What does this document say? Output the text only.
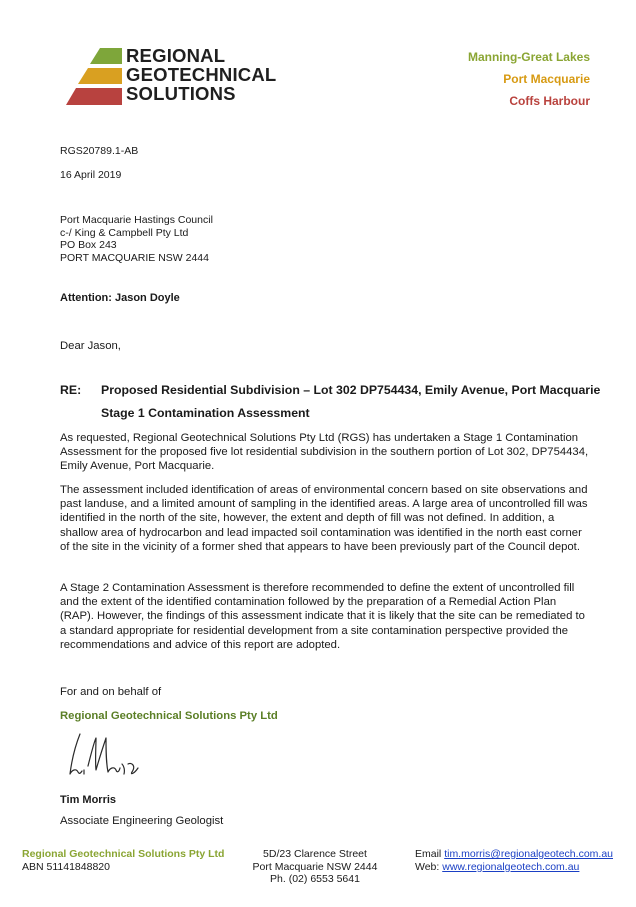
REGIONAL
GEOTECHNICAL
SOLUTIONS
Manning-Great Lakes
Port Macquarie
Coffs Harbour
RGS20789.1-AB
16 April 2019
Port Macquarie Hastings Council
c-/ King & Campbell Pty Ltd
PO Box 243
PORT MACQUARIE NSW 2444
Attention: Jason Doyle
Dear Jason,
RE: Proposed Residential Subdivision – Lot 302 DP754434, Emily Avenue, Port Macquarie
Stage 1 Contamination Assessment
As requested, Regional Geotechnical Solutions Pty Ltd (RGS) has undertaken a Stage 1 Contamination Assessment for the proposed five lot residential subdivision in the southern portion of Lot 302, DP754434, Emily Avenue, Port Macquarie.
The assessment included identification of areas of environmental concern based on site observations and past landuse, and a limited amount of sampling in the identified areas. A large area of uncontrolled fill was identified in the north of the site, however, the extent and depth of fill was not defined. In addition, a shallow area of hydrocarbon and lead impacted soil contamination was identified in the north east corner of the site in the vicinity of a former shed that appears to have been previously part of the Council depot.
A Stage 2 Contamination Assessment is therefore recommended to define the extent of uncontrolled fill and the extent of the identified contamination followed by the preparation of a Remedial Action Plan (RAP). However, the findings of this assessment indicate that it is likely that the site can be remediated to a standard appropriate for residential development from a site contamination perspective provided the recommendations and advice of this report are adopted.
For and on behalf of
Regional Geotechnical Solutions Pty Ltd
Tim Morris
Associate Engineering Geologist
Regional Geotechnical Solutions Pty Ltd
ABN 51141848820
5D/23 Clarence Street
Port Macquarie NSW 2444
Ph. (02) 6553 5641
Email tim.morris@regionalgeotech.com.au
Web: www.regionalgeotech.com.au
